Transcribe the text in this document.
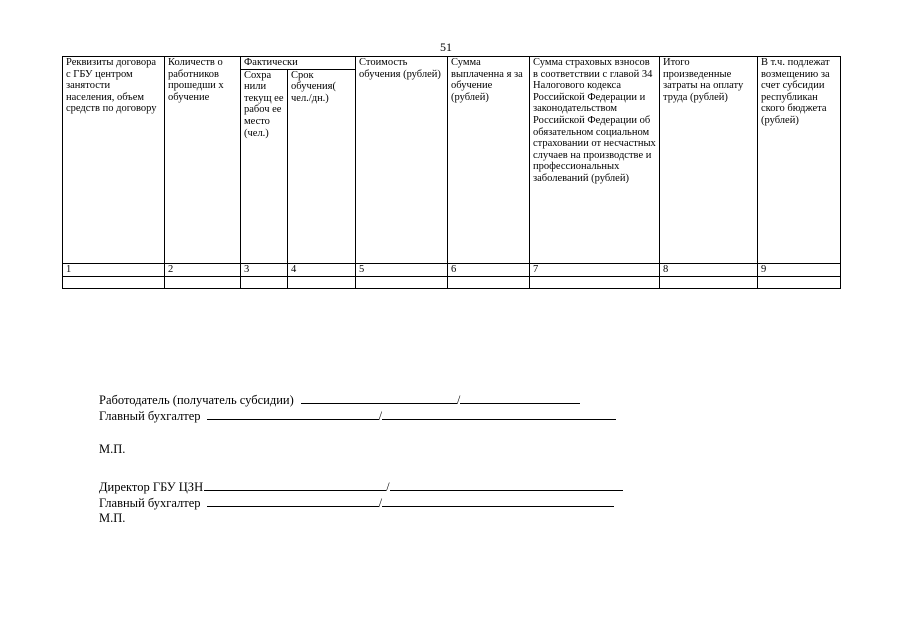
51
Реквизиты договора с ГБУ центром занятости населения, объем средств по договору	Количеств о работников прошедши х обучение	Фактически		Стоимость обучения (рублей)	Сумма выплаченна я за обучение (рублей)	Сумма страховых взносов в соответствии с главой 34 Налогового кодекса Российской Федерации и законодательством Российской Федерации об обязательном социальном страховании от несчастных случаев на производстве и профессиональных заболеваний (рублей)	Итого произведенные затраты на оплату труда (рублей)	В т.ч. подлежат возмещению за счет субсидии республикан ского бюджета (рублей)
		Сохра нили текущ ее рабоч ее место (чел.)	Срок обучения( чел./дн.)					
1	2	3	4	5	6	7	8	9

Работодатель (получатель субсидии)	/
Главный бухгалтер	/
М.П.
Директор ГБУ ЦЗН	/
Главный бухгалтер	/
М.П.
